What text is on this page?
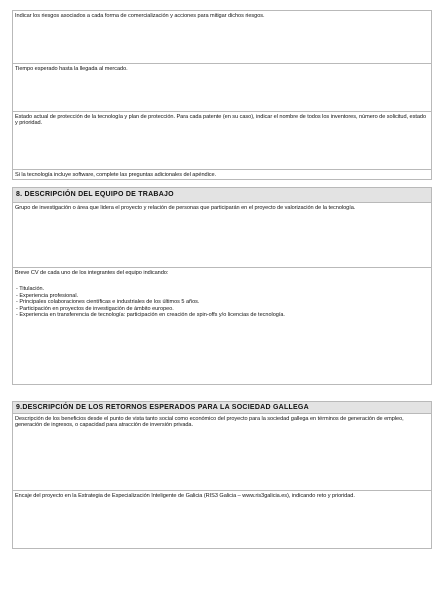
Indicar los riesgos asociados a cada forma de comercialización y acciones para mitigar dichos riesgos.
Tiempo esperado hasta la llegada al mercado.
Estado actual de protección de la tecnología y plan de protección. Para cada patente (en su caso), indicar el nombre de todos los inventores, número de solicitud, estado y prioridad.
Si la tecnología incluye software, complete las preguntas adicionales del apéndice.
8. DESCRIPCIÓN DEL EQUIPO DE TRABAJO
Grupo de investigación o área que lidera el proyecto y relación de personas que participarán en el proyecto de valorización de la tecnología.
Breve CV de cada uno de los integrantes del equipo indicando:
- Titulación.
- Experiencia profesional.
- Principales colaboraciones científicas e industriales de los últimos 5 años.
- Participación en proyectos de investigación de ámbito europeo.
- Experiencia en transferencia de tecnología: participación en creación de spin-offs y/o licencias de tecnología.
9.DESCRIPCIÓN DE LOS RETORNOS ESPERADOS PARA LA SOCIEDAD GALLEGA
Descripción de los beneficios desde el punto de vista tanto social como económico del proyecto para la sociedad gallega en términos de generación de empleo, generación de ingresos, o capacidad para atracción de inversión privada.
Encaje del proyecto en la Estrategia de Especialización Inteligente de Galicia (RIS3 Galicia – www.ris3galicia.es), indicando reto y prioridad.
